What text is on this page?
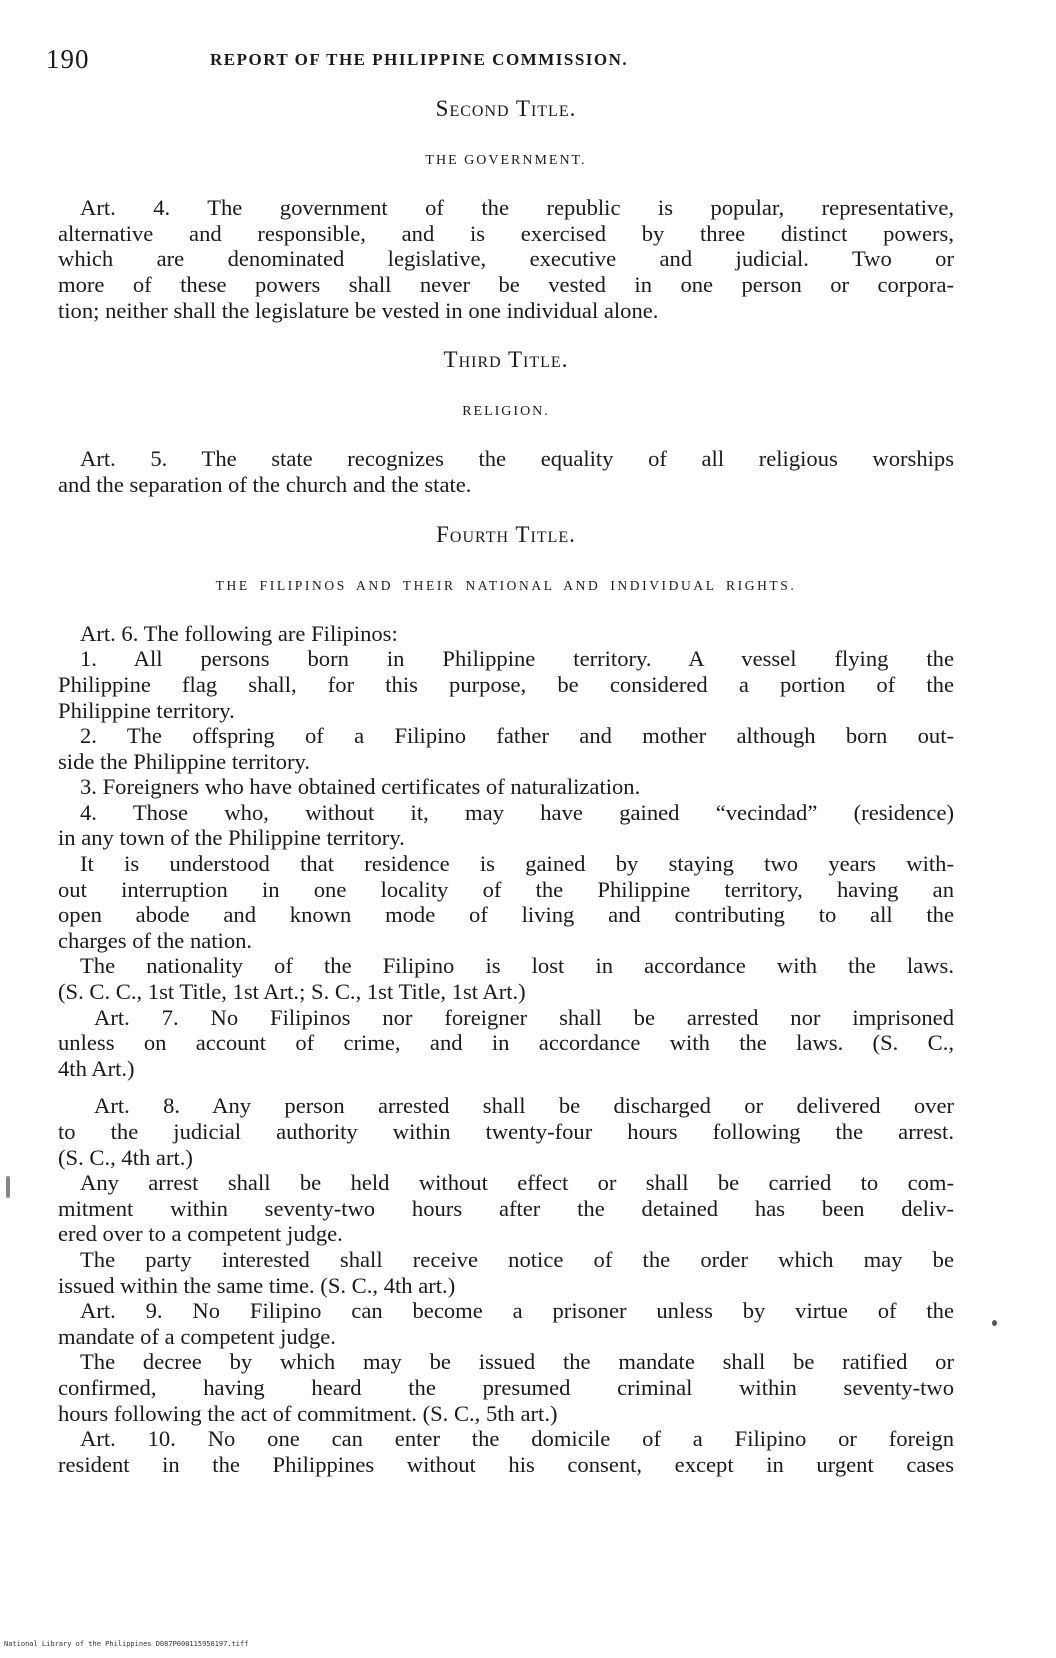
190	REPORT OF THE PHILIPPINE COMMISSION.
Second Title.
THE GOVERNMENT.
Art. 4. The government of the republic is popular, representative,
alternative and responsible, and is exercised by three distinct powers,
which are denominated legislative, executive and judicial. Two or
more of these powers shall never be vested in one person or corpora-
tion; neither shall the legislature be vested in one individual alone.
Third Title.
RELIGION.
Art. 5. The state recognizes the equality of all religious worships
and the separation of the church and the state.
Fourth Title.
THE FILIPINOS AND THEIR NATIONAL AND INDIVIDUAL RIGHTS.
Art. 6. The following are Filipinos:
1. All persons born in Philippine territory. A vessel flying the
Philippine flag shall, for this purpose, be considered a portion of the
Philippine territory.
2. The offspring of a Filipino father and mother although born out-
side the Philippine territory.
3. Foreigners who have obtained certificates of naturalization.
4. Those who, without it, may have gained “vecindad” (residence)
in any town of the Philippine territory.
It is understood that residence is gained by staying two years with-
out interruption in one locality of the Philippine territory, having an
open abode and known mode of living and contributing to all the
charges of the nation.
The nationality of the Filipino is lost in accordance with the laws.
(S. C. C., 1st Title, 1st Art.; S. C., 1st Title, 1st Art.)
Art. 7. No Filipinos nor foreigner shall be arrested nor imprisoned
unless on account of crime, and in accordance with the laws. (S. C.,
4th Art.)
Art. 8. Any person arrested shall be discharged or delivered over
to the judicial authority within twenty-four hours following the arrest.
(S. C., 4th art.)
Any arrest shall be held without effect or shall be carried to com-
mitment within seventy-two hours after the detained has been deliv-
ered over to a competent judge.
The party interested shall receive notice of the order which may be
issued within the same time. (S. C., 4th art.)
Art. 9. No Filipino can become a prisoner unless by virtue of the
mandate of a competent judge.
The decree by which may be issued the mandate shall be ratified or
confirmed, having heard the presumed criminal within seventy-two
hours following the act of commitment. (S. C., 5th art.)
Art. 10. No one can enter the domicile of a Filipino or foreign
resident in the Philippines without his consent, except in urgent cases
National Library of the Philippines D087P000115950197.tiff
